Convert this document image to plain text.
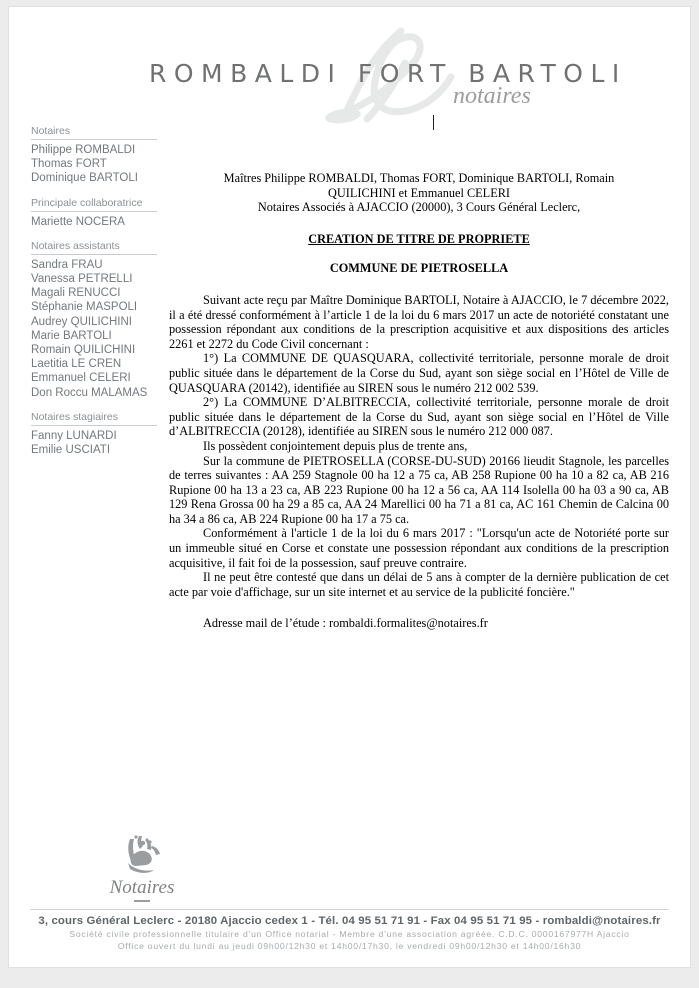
ROMBALDI FORT BARTOLI
notaires
Notaires
Philippe ROMBALDI
Thomas FORT
Dominique BARTOLI
Principale collaboratrice
Mariette NOCERA
Notaires assistants
Sandra FRAU
Vanessa PETRELLI
Magali RENUCCI
Stéphanie MASPOLI
Audrey QUILICHINI
Marie BARTOLI
Romain QUILICHINI
Laetitia LE CREN
Emmanuel CELERI
Don Roccu MALAMAS
Notaires stagiaires
Fanny LUNARDI
Emilie USCIATI
Maîtres Philippe ROMBALDI, Thomas FORT, Dominique BARTOLI, Romain
QUILICHINI et Emmanuel CELERI
Notaires Associés à AJACCIO (20000), 3 Cours Général Leclerc,
CREATION DE TITRE DE PROPRIETE
COMMUNE DE PIETROSELLA

Suivant acte reçu par Maître Dominique BARTOLI, Notaire à AJACCIO, le 7 décembre 2022, il a été dressé conformément à l’article 1 de la loi du 6 mars 2017 un acte de notoriété constatant une possession répondant aux conditions de la prescription acquisitive et aux dispositions des articles 2261 et 2272 du Code Civil concernant :

1°) La COMMUNE DE QUASQUARA, collectivité territoriale, personne morale de droit public située dans le département de la Corse du Sud, ayant son siège social en l’Hôtel de Ville de QUASQUARA (20142), identifiée au SIREN sous le numéro 212 002 539.

2°) La COMMUNE D’ALBITRECCIA, collectivité territoriale, personne morale de droit public située dans le département de la Corse du Sud, ayant son siège social en l’Hôtel de Ville d’ALBITRECCIA (20128), identifiée au SIREN sous le numéro 212 000 087.

Ils possèdent conjointement depuis plus de trente ans,

Sur la commune de PIETROSELLA (CORSE-DU-SUD) 20166 lieudit Stagnole, les parcelles de terres suivantes : AA 259 Stagnole 00 ha 12 a 75 ca, AB 258 Rupione 00 ha 10 a 82 ca, AB 216 Rupione 00 ha 13 a 23 ca, AB 223 Rupione 00 ha 12 a 56 ca, AA 114 Isolella 00 ha 03 a 90 ca, AB 129 Rena Grossa 00 ha 29 a 85 ca, AA 24 Marellici 00 ha 71 a 81 ca, AC 161 Chemin de Calcina 00 ha 34 a 86 ca, AB 224 Rupione 00 ha 17 a 75 ca.

Conformément à l'article 1 de la loi du 6 mars 2017 : "Lorsqu'un acte de Notoriété porte sur un immeuble situé en Corse et constate une possession répondant aux conditions de la prescription acquisitive, il fait foi de la possession, sauf preuve contraire.

Il ne peut être contesté que dans un délai de 5 ans à compter de la dernière publication de cet acte par voie d'affichage, sur un site internet et au service de la publicité foncière."

Adresse mail de l’étude : rombaldi.formalites@notaires.fr
Notaires
3, cours Général Leclerc - 20180 Ajaccio cedex 1 - Tél. 04 95 51 71 91 - Fax 04 95 51 71 95 - rombaldi@notaires.fr
Société civile professionnelle titulaire d’un Office notarial - Membre d’une association agréée. C.D.C. 0000167977H Ajaccio
Office ouvert du lundi au jeudi 09h00/12h30 et 14h00/17h30, le vendredi 09h00/12h30 et 14h00/16h30
